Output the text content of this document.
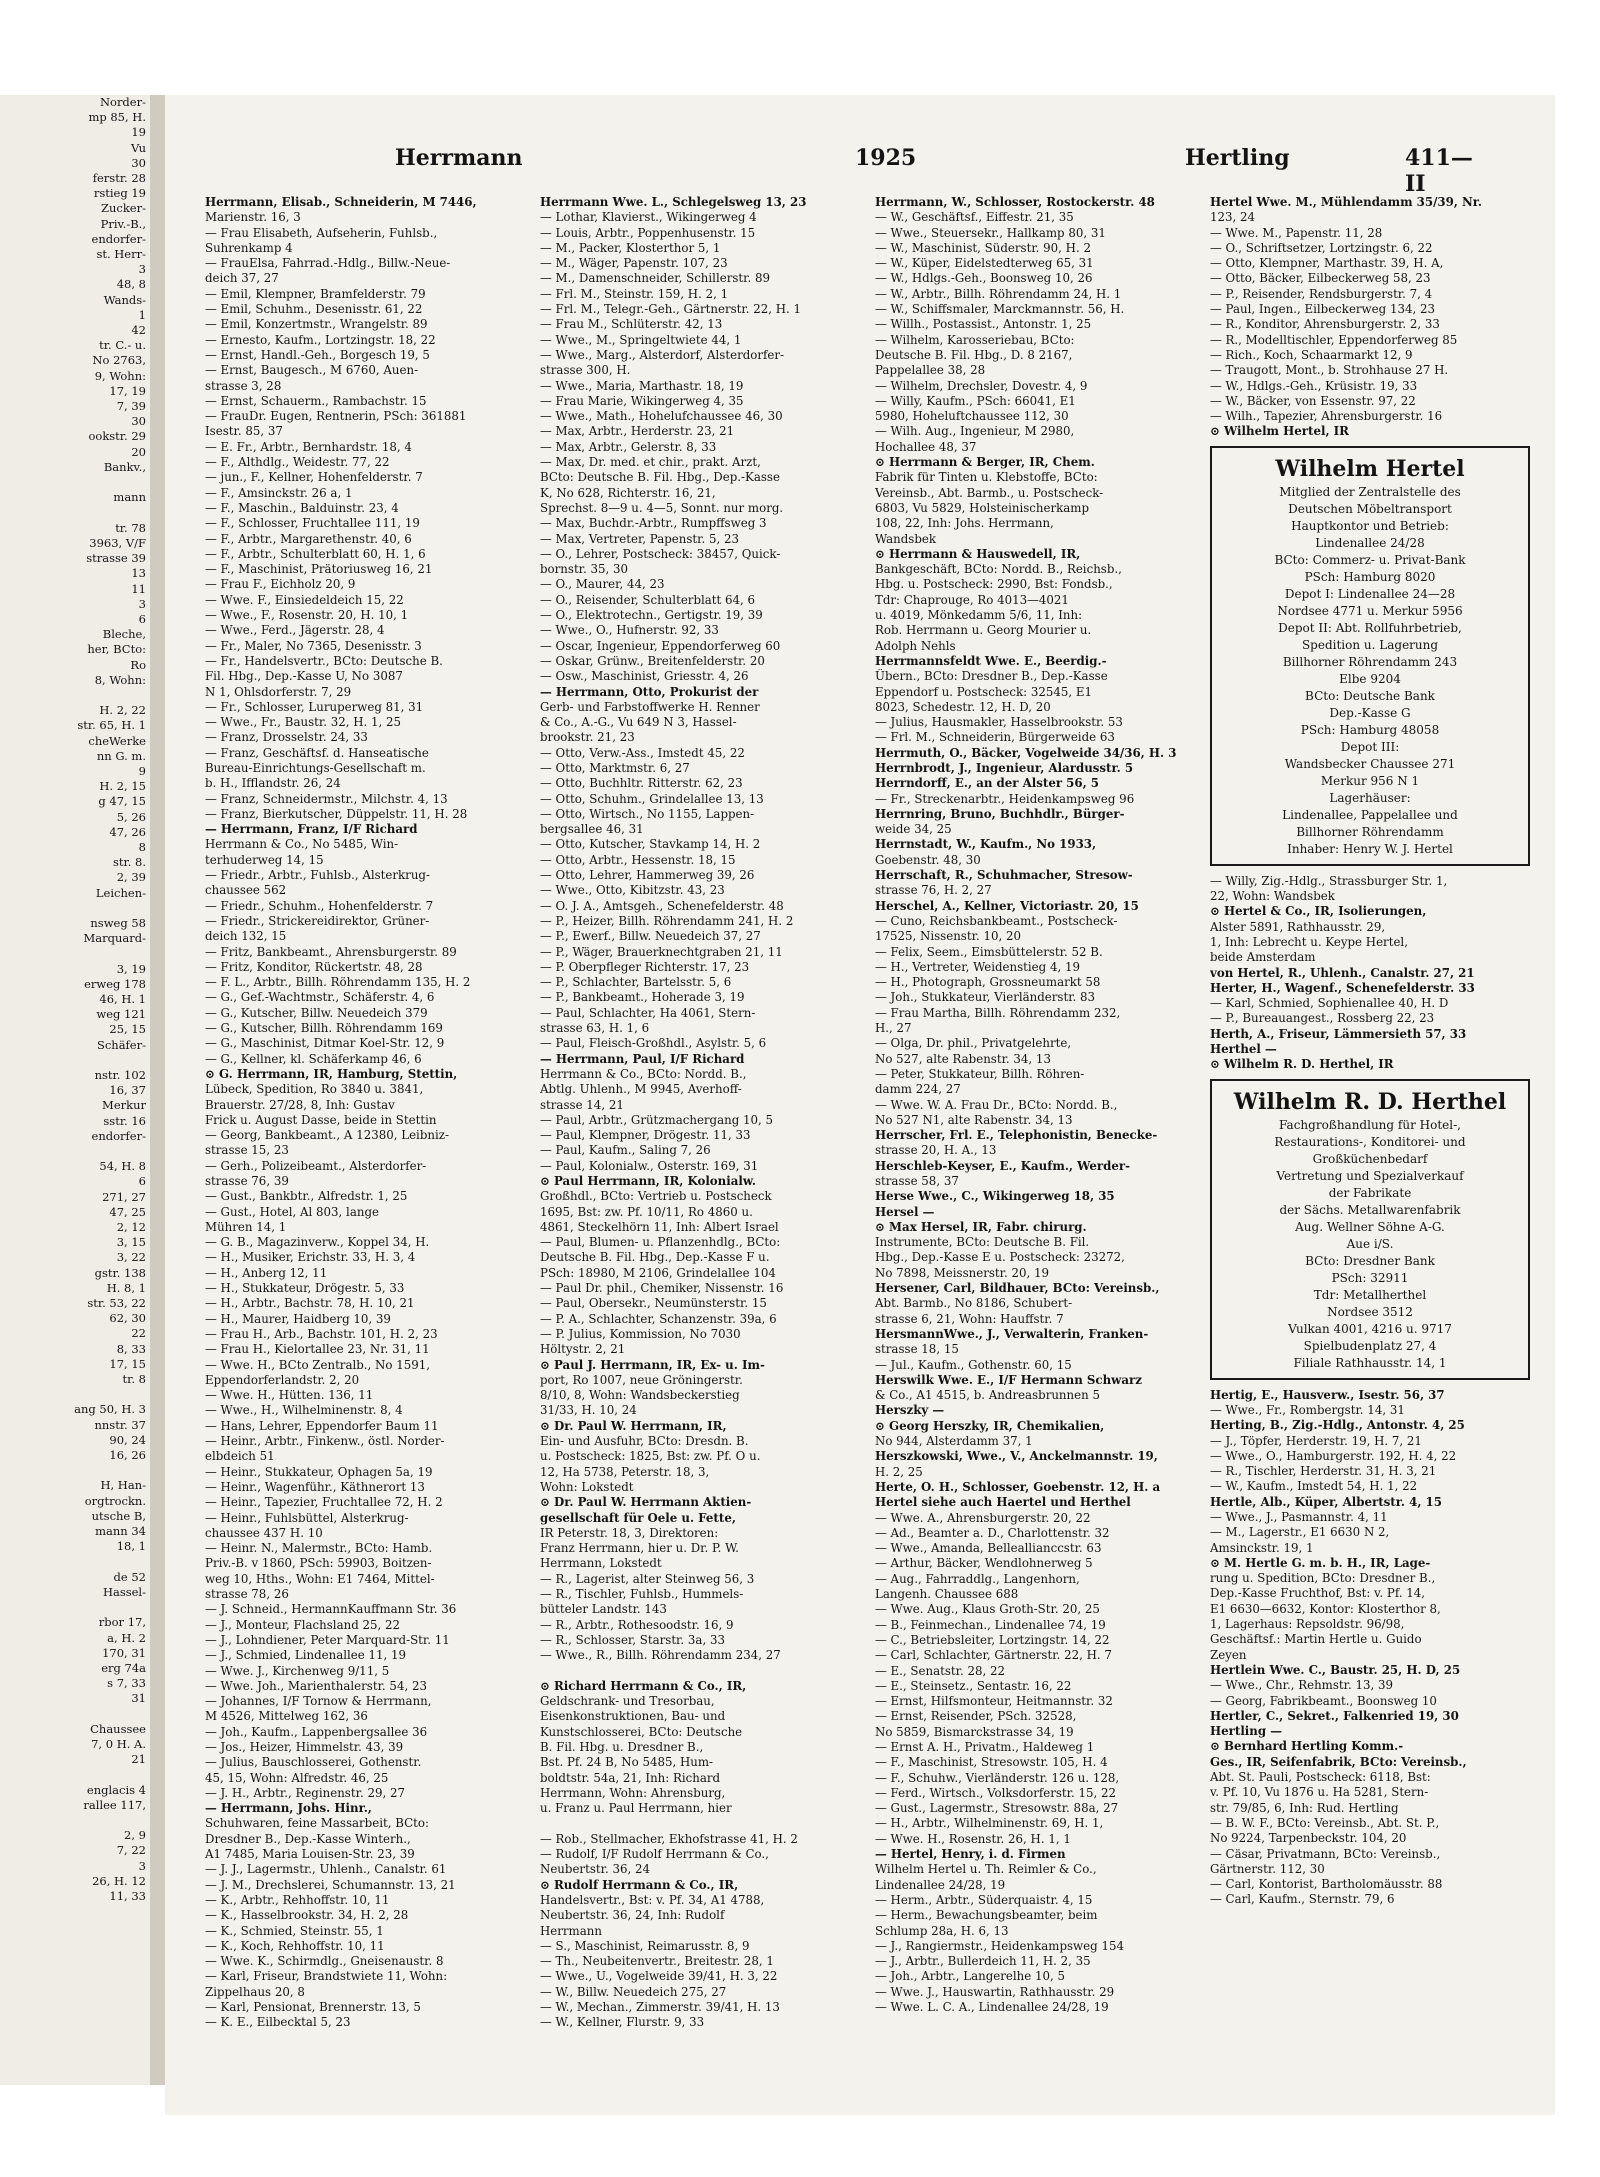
Norder-
mp 85, H.
19
Vu
30
ferstr. 28
rstieg 19
Zucker-
Priv.-B.,
endorfer-
st. Herr-
3
48, 8
Wands-
1
42
tr. C.- u.
No 2763,
9, Wohn:
17, 19
7, 39
30
ookstr. 29
20
Bankv.,

mann

tr. 78
3963, V/F
strasse 39
13
11
3
6
Bleche,
her, BCto:
Ro
8, Wohn:

H. 2, 22
str. 65, H. 1
cheWerke
nn G. m.
9
H. 2, 15
g 47, 15
5, 26
47, 26
8
str. 8.
2, 39
Leichen-

nsweg 58
Marquard-

3, 19
erweg 178
46, H. 1
weg 121
25, 15
Schäfer-

nstr. 102
16, 37
Merkur
sstr. 16
endorfer-

54, H. 8
6
271, 27
47, 25
2, 12
3, 15
3, 22
gstr. 138
H. 8, 1
str. 53, 22
62, 30
22
8, 33
17, 15
tr. 8

ang 50, H. 3
nnstr. 37
90, 24
16, 26

H, Han-
orgtrockn.
utsche B,
mann 34
18, 1

de 52
Hassel-

rbor 17,
a, H. 2
170, 31
erg 74a
s 7, 33
31

Chaussee
7, 0 H. A.
21

englacis 4
rallee 117,

2, 9
7, 22
3
26, H. 12
11, 33
Herrmann	1925	Hertling	411—II
Herrmann, Elisab., Schneiderin, M 7446,
Marienstr. 16, 3
— Frau Elisabeth, Aufseherin, Fuhlsb.,
Suhrenkamp 4
— FrauElsa, Fahrrad.-Hdlg., Billw.-Neue-
deich 37, 27
— Emil, Klempner, Bramfelderstr. 79
— Emil, Schuhm., Desenisstr. 61, 22
— Emil, Konzertmstr., Wrangelstr. 89
— Ernesto, Kaufm., Lortzingstr. 18, 22
— Ernst, Handl.-Geh., Borgesch 19, 5
— Ernst, Baugesch., M 6760, Auen-
strasse 3, 28
— Ernst, Schauerm., Rambachstr. 15
— FrauDr. Eugen, Rentnerin, PSch: 361881
Isestr. 85, 37
— E. Fr., Arbtr., Bernhardstr. 18, 4
— F., Althdlg., Weidestr. 77, 22
— jun., F., Kellner, Hohenfelderstr. 7
— F., Amsinckstr. 26 a, 1
— F., Maschin., Balduinstr. 23, 4
— F., Schlosser, Fruchtallee 111, 19
— F., Arbtr., Margarethenstr. 40, 6
— F., Arbtr., Schulterblatt 60, H. 1, 6
— F., Maschinist, Prätoriusweg 16, 21
— Frau F., Eichholz 20, 9
— Wwe. F., Einsiedeldeich 15, 22
— Wwe., F., Rosenstr. 20, H. 10, 1
— Wwe., Ferd., Jägerstr. 28, 4
— Fr., Maler, No 7365, Desenisstr. 3
— Fr., Handelsvertr., BCto: Deutsche B.
Fil. Hbg., Dep.-Kasse U, No 3087
N 1, Ohlsdorferstr. 7, 29
— Fr., Schlosser, Luruperweg 81, 31
— Wwe., Fr., Baustr. 32, H. 1, 25
— Franz, Drosselstr. 24, 33
— Franz, Geschäftsf. d. Hanseatische
Bureau-Einrichtungs-Gesellschaft m.
b. H., Ifflandstr. 26, 24
— Franz, Schneidermstr., Milchstr. 4, 13
— Franz, Bierkutscher, Düppelstr. 11, H. 28
— Herrmann, Franz, I/F Richard
Herrmann & Co., No 5485, Win-
terhuderweg 14, 15
— Friedr., Arbtr., Fuhlsb., Alsterkrug-
chaussee 562
— Friedr., Schuhm., Hohenfelderstr. 7
— Friedr., Strickereidirektor, Grüner-
deich 132, 15
— Fritz, Bankbeamt., Ahrensburgerstr. 89
— Fritz, Konditor, Rückertstr. 48, 28
— F. L., Arbtr., Billh. Röhrendamm 135, H. 2
— G., Gef.-Wachtmstr., Schäferstr. 4, 6
— G., Kutscher, Billw. Neuedeich 379
— G., Kutscher, Billh. Röhrendamm 169
— G., Maschinist, Ditmar Koel-Str. 12, 9
— G., Kellner, kl. Schäferkamp 46, 6
⊙ G. Herrmann, IR, Hamburg, Stettin,
Lübeck, Spedition, Ro 3840 u. 3841,
Brauerstr. 27/28, 8, Inh: Gustav
Frick u. August Dasse, beide in Stettin
— Georg, Bankbeamt., A 12380, Leibniz-
strasse 15, 23
— Gerh., Polizeibeamt., Alsterdorfer-
strasse 76, 39
— Gust., Bankbtr., Alfredstr. 1, 25
— Gust., Hotel, Al 803, lange
Mühren 14, 1
— G. B., Magazinverw., Koppel 34, H.
— H., Musiker, Erichstr. 33, H. 3, 4
— H., Anberg 12, 11
— H., Stukkateur, Drögestr. 5, 33
— H., Arbtr., Bachstr. 78, H. 10, 21
— H., Maurer, Haidberg 10, 39
— Frau H., Arb., Bachstr. 101, H. 2, 23
— Frau H., Kielortallee 23, Nr. 31, 11
— Wwe. H., BCto Zentralb., No 1591,
Eppendorferlandstr. 2, 20
— Wwe. H., Hütten. 136, 11
— Wwe., H., Wilhelminenstr. 8, 4
— Hans, Lehrer, Eppendorfer Baum 11
— Heinr., Arbtr., Finkenw., östl. Norder-
elbdeich 51
— Heinr., Stukkateur, Ophagen 5a, 19
— Heinr., Wagenführ., Käthnerort 13
— Heinr., Tapezier, Fruchtallee 72, H. 2
— Heinr., Fuhlsbüttel, Alsterkrug-
chaussee 437 H. 10
— Heinr. N., Malermstr., BCto: Hamb.
Priv.-B. v 1860, PSch: 59903, Boitzen-
weg 10, Hths., Wohn: E1 7464, Mittel-
strasse 78, 26
— J. Schneid., HermannKauffmann Str. 36
— J., Monteur, Flachsland 25, 22
— J., Lohndiener, Peter Marquard-Str. 11
— J., Schmied, Lindenallee 11, 19
— Wwe. J., Kirchenweg 9/11, 5
— Wwe. Joh., Marienthalerstr. 54, 23
— Johannes, I/F Tornow & Herrmann,
M 4526, Mittelweg 162, 36
— Joh., Kaufm., Lappenbergsallee 36
— Jos., Heizer, Himmelstr. 43, 39
— Julius, Bauschlosserei, Gothenstr.
45, 15, Wohn: Alfredstr. 46, 25
— J. H., Arbtr., Reginenstr. 29, 27
— Herrmann, Johs. Hinr.,
Schuhwaren, feine Massarbeit, BCto:
Dresdner B., Dep.-Kasse Winterh.,
A1 7485, Maria Louisen-Str. 23, 39
— J. J., Lagermstr., Uhlenh., Canalstr. 61
— J. M., Drechslerei, Schumannstr. 13, 21
— K., Arbtr., Rehhoffstr. 10, 11
— K., Hasselbrookstr. 34, H. 2, 28
— K., Schmied, Steinstr. 55, 1
— K., Koch, Rehhoffstr. 10, 11
— Wwe. K., Schirmdlg., Gneisenaustr. 8
— Karl, Friseur, Brandstwiete 11, Wohn:
Zippelhaus 20, 8
— Karl, Pensionat, Brennerstr. 13, 5
— K. E., Eilbecktal 5, 23
Herrmann Wwe. L., Schlegelsweg 13, 23
— Lothar, Klavierst., Wikingerweg 4
— Louis, Arbtr., Poppenhusenstr. 15
— M., Packer, Klosterthor 5, 1
— M., Wäger, Papenstr. 107, 23
— M., Damenschneider, Schillerstr. 89
— Frl. M., Steinstr. 159, H. 2, 1
— Frl. M., Telegr.-Geh., Gärtnerstr. 22, H. 1
— Frau M., Schlüterstr. 42, 13
— Wwe., M., Springeltwiete 44, 1
— Wwe., Marg., Alsterdorf, Alsterdorfer-
strasse 300, H.
— Wwe., Maria, Marthastr. 18, 19
— Frau Marie, Wikingerweg 4, 35
— Wwe., Math., Hohelufchaussee 46, 30
— Max, Arbtr., Herderstr. 23, 21
— Max, Arbtr., Gelerstr. 8, 33
— Max, Dr. med. et chir., prakt. Arzt,
BCto: Deutsche B. Fil. Hbg., Dep.-Kasse
K, No 628, Richterstr. 16, 21,
Sprechst. 8—9 u. 4—5, Sonnt. nur morg.
— Max, Buchdr.-Arbtr., Rumpffsweg 3
— Max, Vertreter, Papenstr. 5, 23
— O., Lehrer, Postscheck: 38457, Quick-
bornstr. 35, 30
— O., Maurer, 44, 23
— O., Reisender, Schulterblatt 64, 6
— O., Elektrotechn., Gertigstr. 19, 39
— Wwe., O., Hufnerstr. 92, 33
— Oscar, Ingenieur, Eppendorferweg 60
— Oskar, Grünw., Breitenfelderstr. 20
— Osw., Maschinist, Griesstr. 4, 26
— Herrmann, Otto, Prokurist der
Gerb- und Farbstoffwerke H. Renner
& Co., A.-G., Vu 649 N 3, Hassel-
brookstr. 21, 23
— Otto, Verw.-Ass., Imstedt 45, 22
— Otto, Marktmstr. 6, 27
— Otto, Buchhltr. Ritterstr. 62, 23
— Otto, Schuhm., Grindelallee 13, 13
— Otto, Wirtsch., No 1155, Lappen-
bergsallee 46, 31
— Otto, Kutscher, Stavkamp 14, H. 2
— Otto, Arbtr., Hessenstr. 18, 15
— Otto, Lehrer, Hammerweg 39, 26
— Wwe., Otto, Kibitzstr. 43, 23
— O. J. A., Amtsgeh., Schenefelderstr. 48
— P., Heizer, Billh. Röhrendamm 241, H. 2
— P., Ewerf., Billw. Neuedeich 37, 27
— P., Wäger, Brauerknechtgraben 21, 11
— P. Oberpfleger Richterstr. 17, 23
— P., Schlachter, Bartelsstr. 5, 6
— P., Bankbeamt., Hoherade 3, 19
— Paul, Schlachter, Ha 4061, Stern-
strasse 63, H. 1, 6
— Paul, Fleisch-Großhdl., Asylstr. 5, 6
— Herrmann, Paul, I/F Richard
Herrmann & Co., BCto: Nordd. B.,
Abtlg. Uhlenh., M 9945, Averhoff-
strasse 14, 21
— Paul, Arbtr., Grützmachergang 10, 5
— Paul, Klempner, Drögestr. 11, 33
— Paul, Kaufm., Saling 7, 26
— Paul, Kolonialw., Osterstr. 169, 31
⊙ Paul Herrmann, IR, Kolonialw.
Großhdl., BCto: Vertrieb u. Postscheck
1695, Bst: zw. Pf. 10/11, Ro 4860 u.
4861, Steckelhörn 11, Inh: Albert Israel
— Paul, Blumen- u. Pflanzenhdlg., BCto:
Deutsche B. Fil. Hbg., Dep.-Kasse F u.
PSch: 18980, M 2106, Grindelallee 104
— Paul Dr. phil., Chemiker, Nissenstr. 16
— Paul, Obersekr., Neumünsterstr. 15
— P. A., Schlachter, Schanzenstr. 39a, 6
— P. Julius, Kommission, No 7030
Höltystr. 2, 21
⊙ Paul J. Herrmann, IR, Ex- u. Im-
port, Ro 1007, neue Gröningerstr.
8/10, 8, Wohn: Wandsbeckerstieg
31/33, H. 10, 24
⊙ Dr. Paul W. Herrmann, IR,
Ein- und Ausfuhr, BCto: Dresdn. B.
u. Postscheck: 1825, Bst: zw. Pf. O u.
12, Ha 5738, Peterstr. 18, 3,
Wohn: Lokstedt
⊙ Dr. Paul W. Herrmann Aktien-
gesellschaft für Oele u. Fette,
IR Peterstr. 18, 3, Direktoren:
Franz Herrmann, hier u. Dr. P. W.
Herrmann, Lokstedt
— R., Lagerist, alter Steinweg 56, 3
— R., Tischler, Fuhlsb., Hummels-
bütteler Landstr. 143
— R., Arbtr., Rothesoodstr. 16, 9
— R., Schlosser, Starstr. 3a, 33
— Wwe., R., Billh. Röhrendamm 234, 27

⊙ Richard Herrmann & Co., IR,
Geldschrank- und Tresorbau,
Eisenkonstruktionen, Bau- und
Kunstschlosserei, BCto: Deutsche
B. Fil. Hbg. u. Dresdner B.,
Bst. Pf. 24 B, No 5485, Hum-
boldtstr. 54a, 21, Inh: Richard
Herrmann, Wohn: Ahrensburg,
u. Franz u. Paul Herrmann, hier

— Rob., Stellmacher, Ekhofstrasse 41, H. 2
— Rudolf, I/F Rudolf Herrmann & Co.,
Neubertstr. 36, 24
⊙ Rudolf Herrmann & Co., IR,
Handelsvertr., Bst: v. Pf. 34, A1 4788,
Neubertstr. 36, 24, Inh: Rudolf
Herrmann
— S., Maschinist, Reimarusstr. 8, 9
— Th., Neubeitenvertr., Breitestr. 28, 1
— Wwe., U., Vogelweide 39/41, H. 3, 22
— W., Billw. Neuedeich 275, 27
— W., Mechan., Zimmerstr. 39/41, H. 13
— W., Kellner, Flurstr. 9, 33
Herrmann, W., Schlosser, Rostockerstr. 48
— W., Geschäftsf., Eiffestr. 21, 35
— Wwe., Steuersekr., Hallkamp 80, 31
— W., Maschinist, Süderstr. 90, H. 2
— W., Küper, Eidelstedterweg 65, 31
— W., Hdlgs.-Geh., Boonsweg 10, 26
— W., Arbtr., Billh. Röhrendamm 24, H. 1
— W., Schiffsmaler, Marckmannstr. 56, H.
— Willh., Postassist., Antonstr. 1, 25
— Wilhelm, Karosseriebau, BCto:
Deutsche B. Fil. Hbg., D. 8 2167,
Pappelallee 38, 28
— Wilhelm, Drechsler, Dovestr. 4, 9
— Willy, Kaufm., PSch: 66041, E1
5980, Hoheluftchaussee 112, 30
— Wilh. Aug., Ingenieur, M 2980,
Hochallee 48, 37
⊙ Herrmann & Berger, IR, Chem.
Fabrik für Tinten u. Klebstoffe, BCto:
Vereinsb., Abt. Barmb., u. Postscheck-
6803, Vu 5829, Holsteinischerkamp
108, 22, Inh: Johs. Herrmann,
Wandsbek
⊙ Herrmann & Hauswedell, IR,
Bankgeschäft, BCto: Nordd. B., Reichsb.,
Hbg. u. Postscheck: 2990, Bst: Fondsb.,
Tdr: Chaprouge, Ro 4013—4021
u. 4019, Mönkedamm 5/6, 11, Inh:
Rob. Herrmann u. Georg Mourier u.
Adolph Nehls
Herrmannsfeldt Wwe. E., Beerdig.-
Übern., BCto: Dresdner B., Dep.-Kasse
Eppendorf u. Postscheck: 32545, E1
8023, Schedestr. 12, H. D, 20
— Julius, Hausmakler, Hasselbrookstr. 53
— Frl. M., Schneiderin, Bürgerweide 63
Herrmuth, O., Bäcker, Vogelweide 34/36, H. 3
Herrnbrodt, J., Ingenieur, Alardusstr. 5
Herrndorff, E., an der Alster 56, 5
— Fr., Streckenarbtr., Heidenkampsweg 96
Herrnring, Bruno, Buchhdlr., Bürger-
weide 34, 25
Herrnstadt, W., Kaufm., No 1933,
Goebenstr. 48, 30
Herrschaft, R., Schuhmacher, Stresow-
strasse 76, H. 2, 27
Herschel, A., Kellner, Victoriastr. 20, 15
— Cuno, Reichsbankbeamt., Postscheck-
17525, Nissenstr. 10, 20
— Felix, Seem., Eimsbüttelerstr. 52 B.
— H., Vertreter, Weidenstieg 4, 19
— H., Photograph, Grossneumarkt 58
— Joh., Stukkateur, Vierländerstr. 83
— Frau Martha, Billh. Röhrendamm 232,
H., 27
— Olga, Dr. phil., Privatgelehrte,
No 527, alte Rabenstr. 34, 13
— Peter, Stukkateur, Billh. Röhren-
damm 224, 27
— Wwe. W. A. Frau Dr., BCto: Nordd. B.,
No 527 N1, alte Rabenstr. 34, 13
Herrscher, Frl. E., Telephonistin, Benecke-
strasse 20, H. A., 13
Herschleb-Keyser, E., Kaufm., Werder-
strasse 58, 37
Herse Wwe., C., Wikingerweg 18, 35
Hersel —
⊙ Max Hersel, IR, Fabr. chirurg.
Instrumente, BCto: Deutsche B. Fil.
Hbg., Dep.-Kasse E u. Postscheck: 23272,
No 7898, Meissnerstr. 20, 19
Hersener, Carl, Bildhauer, BCto: Vereinsb.,
Abt. Barmb., No 8186, Schubert-
strasse 6, 21, Wohn: Hauffstr. 7
HersmannWwe., J., Verwalterin, Franken-
strasse 18, 15
— Jul., Kaufm., Gothenstr. 60, 15
Herswilk Wwe. E., I/F Hermann Schwarz
& Co., A1 4515, b. Andreasbrunnen 5
Herszky —
⊙ Georg Herszky, IR, Chemikalien,
No 944, Alsterdamm 37, 1
Herszkowski, Wwe., V., Anckelmannstr. 19,
H. 2, 25
Herte, O. H., Schlosser, Goebenstr. 12, H. a
Hertel siehe auch Haertel und Herthel
— Wwe. A., Ahrensburgerstr. 20, 22
— Ad., Beamter a. D., Charlottenstr. 32
— Wwe., Amanda, Belleallianccstr. 63
— Arthur, Bäcker, Wendlohnerweg 5
— Aug., Fahrraddlg., Langenhorn,
Langenh. Chaussee 688
— Wwe. Aug., Klaus Groth-Str. 20, 25
— B., Feinmechan., Lindenallee 74, 19
— C., Betriebsleiter, Lortzingstr. 14, 22
— Carl, Schlachter, Gärtnerstr. 22, H. 7
— E., Senatstr. 28, 22
— E., Steinsetz., Sentastr. 16, 22
— Ernst, Hilfsmonteur, Heitmannstr. 32
— Ernst, Reisender, PSch. 32528,
No 5859, Bismarckstrasse 34, 19
— Ernst A. H., Privatm., Haldeweg 1
— F., Maschinist, Stresowstr. 105, H. 4
— F., Schuhw., Vierländerstr. 126 u. 128,
— Ferd., Wirtsch., Volksdorferstr. 15, 22
— Gust., Lagermstr., Stresowstr. 88a, 27
— H., Arbtr., Wilhelminenstr. 69, H. 1,
— Wwe. H., Rosenstr. 26, H. 1, 1
— Hertel, Henry, i. d. Firmen
Wilhelm Hertel u. Th. Reimler & Co.,
Lindenallee 24/28, 19
— Herm., Arbtr., Süderquaistr. 4, 15
— Herm., Bewachungsbeamter, beim
Schlump 28a, H. 6, 13
— J., Rangiermstr., Heidenkampsweg 154
— J., Arbtr., Bullerdeich 11, H. 2, 35
— Joh., Arbtr., Langerelhe 10, 5
— Wwe. J., Hauswartin, Rathhausstr. 29
— Wwe. L. C. A., Lindenallee 24/28, 19
Hertel Wwe. M., Mühlendamm 35/39, Nr.
123, 24
— Wwe. M., Papenstr. 11, 28
— O., Schriftsetzer, Lortzingstr. 6, 22
— Otto, Klempner, Marthastr. 39, H. A,
— Otto, Bäcker, Eilbeckerweg 58, 23
— P., Reisender, Rendsburgerstr. 7, 4
— Paul, Ingen., Eilbeckerweg 134, 23
— R., Konditor, Ahrensburgerstr. 2, 33
— R., Modelltischler, Eppendorferweg 85
— Rich., Koch, Schaarmarkt 12, 9
— Traugott, Mont., b. Strohhause 27 H.
— W., Hdlgs.-Geh., Krüsistr. 19, 33
— W., Bäcker, von Essenstr. 97, 22
— Wilh., Tapezier, Ahrensburgerstr. 16
⊙ Wilhelm Hertel, IR
Wilhelm Hertel
Mitglied der Zentralstelle des
Deutschen Möbeltransport
Hauptkontor und Betrieb:
Lindenallee 24/28
BCto: Commerz- u. Privat-Bank
PSch: Hamburg 8020
Depot I: Lindenallee 24—28
Nordsee 4771 u. Merkur 5956
Depot II: Abt. Rollfuhrbetrieb,
Spedition u. Lagerung
Billhorner Röhrendamm 243
Elbe 9204
BCto: Deutsche Bank
Dep.-Kasse G
PSch: Hamburg 48058
Depot III:
Wandsbecker Chaussee 271
Merkur 956 N 1
Lagerhäuser:
Lindenallee, Pappelallee und
Billhorner Röhrendamm
Inhaber: Henry W. J. Hertel
— Willy, Zig.-Hdlg., Strassburger Str. 1,
22, Wohn: Wandsbek
⊙ Hertel & Co., IR, Isolierungen,
Alster 5891, Rathhausstr. 29,
1, Inh: Lebrecht u. Keype Hertel,
beide Amsterdam
von Hertel, R., Uhlenh., Canalstr. 27, 21
Herter, H., Wagenf., Schenefelderstr. 33
— Karl, Schmied, Sophienallee 40, H. D
— P., Bureauangest., Rossberg 22, 23
Herth, A., Friseur, Lämmersieth 57, 33
Herthel —
⊙ Wilhelm R. D. Herthel, IR
Wilhelm R. D. Herthel
Fachgroßhandlung für Hotel-,
Restaurations-, Konditorei- und
Großküchenbedarf
Vertretung und Spezialverkauf
der Fabrikate
der Sächs. Metallwarenfabrik
Aug. Wellner Söhne A-G.
Aue i/S.
BCto: Dresdner Bank
PSch: 32911
Tdr: Metallherthel
Nordsee 3512
Vulkan 4001, 4216 u. 9717
Spielbudenplatz 27, 4
Filiale Rathhausstr. 14, 1
Hertig, E., Hausverw., Isestr. 56, 37
— Wwe., Fr., Rombergstr. 14, 31
Herting, B., Zig.-Hdlg., Antonstr. 4, 25
— J., Töpfer, Herderstr. 19, H. 7, 21
— Wwe., O., Hamburgerstr. 192, H. 4, 22
— R., Tischler, Herderstr. 31, H. 3, 21
— W., Kaufm., Imstedt 54, H. 1, 22
Hertle, Alb., Küper, Albertstr. 4, 15
— Wwe., J., Pasmannstr. 4, 11
— M., Lagerstr., E1 6630 N 2,
Amsinckstr. 19, 1
⊙ M. Hertle G. m. b. H., IR, Lage-
rung u. Spedition, BCto: Dresdner B.,
Dep.-Kasse Fruchthof, Bst: v. Pf. 14,
E1 6630—6632, Kontor: Klosterthor 8,
1, Lagerhaus: Repsoldstr. 96/98,
Geschäftsf.: Martin Hertle u. Guido
Zeyen
Hertlein Wwe. C., Baustr. 25, H. D, 25
— Wwe., Chr., Rehmstr. 13, 39
— Georg, Fabrikbeamt., Boonsweg 10
Hertler, C., Sekret., Falkenried 19, 30
Hertling —
⊙ Bernhard Hertling Komm.-
Ges., IR, Seifenfabrik, BCto: Vereinsb.,
Abt. St. Pauli, Postscheck: 6118, Bst:
v. Pf. 10, Vu 1876 u. Ha 5281, Stern-
str. 79/85, 6, Inh: Rud. Hertling
— B. W. F., BCto: Vereinsb., Abt. St. P.,
No 9224, Tarpenbeckstr. 104, 20
— Cäsar, Privatmann, BCto: Vereinsb.,
Gärtnerstr. 112, 30
— Carl, Kontorist, Bartholomäusstr. 88
— Carl, Kaufm., Sternstr. 79, 6
